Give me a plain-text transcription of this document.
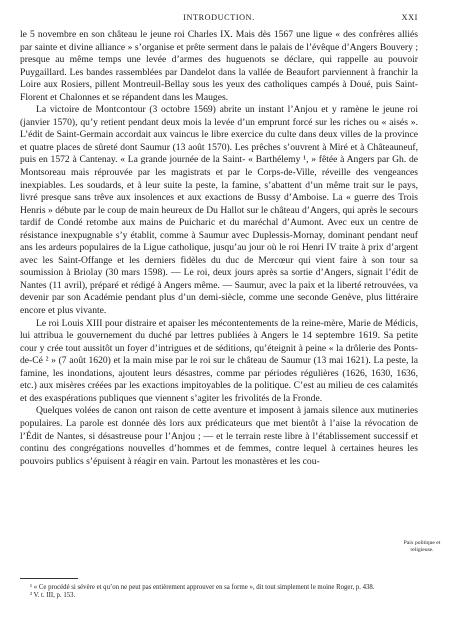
INTRODUCTION.	XXI

le 5 novembre en son château le jeune roi Charles IX. Mais dès 1567 une ligue « des confrères alliés par sainte et divine alliance » s’organise et prête serment dans le palais de l’évêque d’Angers Bouvery ; presque au même temps une levée d’armes des huguenots se déclare, qui rappelle au pouvoir Puygaillard. Les bandes rassemblées par Dandelot dans la vallée de Beaufort parviennent à franchir la Loire aux Rosiers, pillent Montreuil-Bellay sous les yeux des catholiques campés à Doué, puis Saint-Florent et Chalonnes et se répandent dans les Mauges.

La victoire de Montcontour (3 octobre 1569) abrite un instant l’Anjou et y ramène le jeune roi (janvier 1570), qu’y retient pendant deux mois la levée d’un emprunt forcé sur les riches ou « aisés ». L’édit de Saint-Germain accordait aux vaincus le libre exercice du culte dans deux villes de la province et quatre places de sûreté dont Saumur (13 août 1570). Les prêches s’ouvrent à Miré et à Châteauneuf, puis en 1572 à Cantenay. « La grande journée de la Saint- « Barthélemy ¹, » fêtée à Angers par Gh. de Montsoreau mais réprouvée par les magistrats et par le Corps-de-Ville, réveille des vengeances inexpiables. Les soudards, et à leur suite la peste, la famine, s’abattent d’un même trait sur le pays, livré presque sans trêve aux insolences et aux exactions de Bussy d’Amboise. La « guerre des Trois Henris » débute par le coup de main heureux de Du Hallot sur le château d’Angers, qui après le secours tardif de Condé retombe aux mains de Puicharic et du maréchal d’Aumont. Avec eux un centre de résistance inexpugnable s’y établit, comme à Saumur avec Duplessis-Mornay, dominant pendant neuf ans les ardeurs populaires de la Ligue catholique, jusqu’au jour où le roi Henri IV traite à prix d’argent avec les Saint-Offange et les derniers fidèles du duc de Mercœur qui vient faire à son tour sa soumission à Briolay (30 mars 1598). — Le roi, deux jours après sa sortie d’Angers, signait l’édit de Nantes (11 avril), préparé et rédigé à Angers même. — Saumur, avec la paix et la liberté retrouvées, va devenir par son Académie pendant plus d’un demi-siècle, comme une seconde Genève, plus littéraire encore et plus vivante.

Le roi Louis XIII pour distraire et apaiser les mécontentements de la reine-mère, Marie de Médicis, lui attribua le gouvernement du duché par lettres publiées à Angers le 14 septembre 1619. Sa petite cour y crée tout aussitôt un foyer d’intrigues et de séditions, qu’éteignit à peine « la drôlerie des Ponts-de-Cé ² » (7 août 1620) et la main mise par le roi sur le château de Saumur (13 mai 1621). La peste, la famine, les inondations, ajoutent leurs désastres, comme par périodes régulières (1626, 1630, 1636, etc.) aux misères créées par les exactions impitoyables de la politique. C’est au milieu de ces calamités et des exaspérations publiques que viennent s’agiter les frivolités de la Fronde.

Quelques volées de canon ont raison de cette aventure et imposent à jamais silence aux mutineries populaires. La parole est donnée dès lors aux prédicateurs que met bientôt à l’aise la révocation de l’Édit de Nantes, si désastreuse pour l’Anjou ; — et le terrain reste libre à l’établissement successif et continu des congrégations nouvelles d’hommes et de femmes, contre lequel à certaines heures les pouvoirs publics s’épuisent à réagir en vain. Partout les monastères et les cou-

Paix politique et religieuse.

¹ « Ce procédé si sévère et qu’on ne peut pas entièrement approuver en sa forme », dit tout simplement le moine Roger, p. 438.

² V. t. III, p. 153.
